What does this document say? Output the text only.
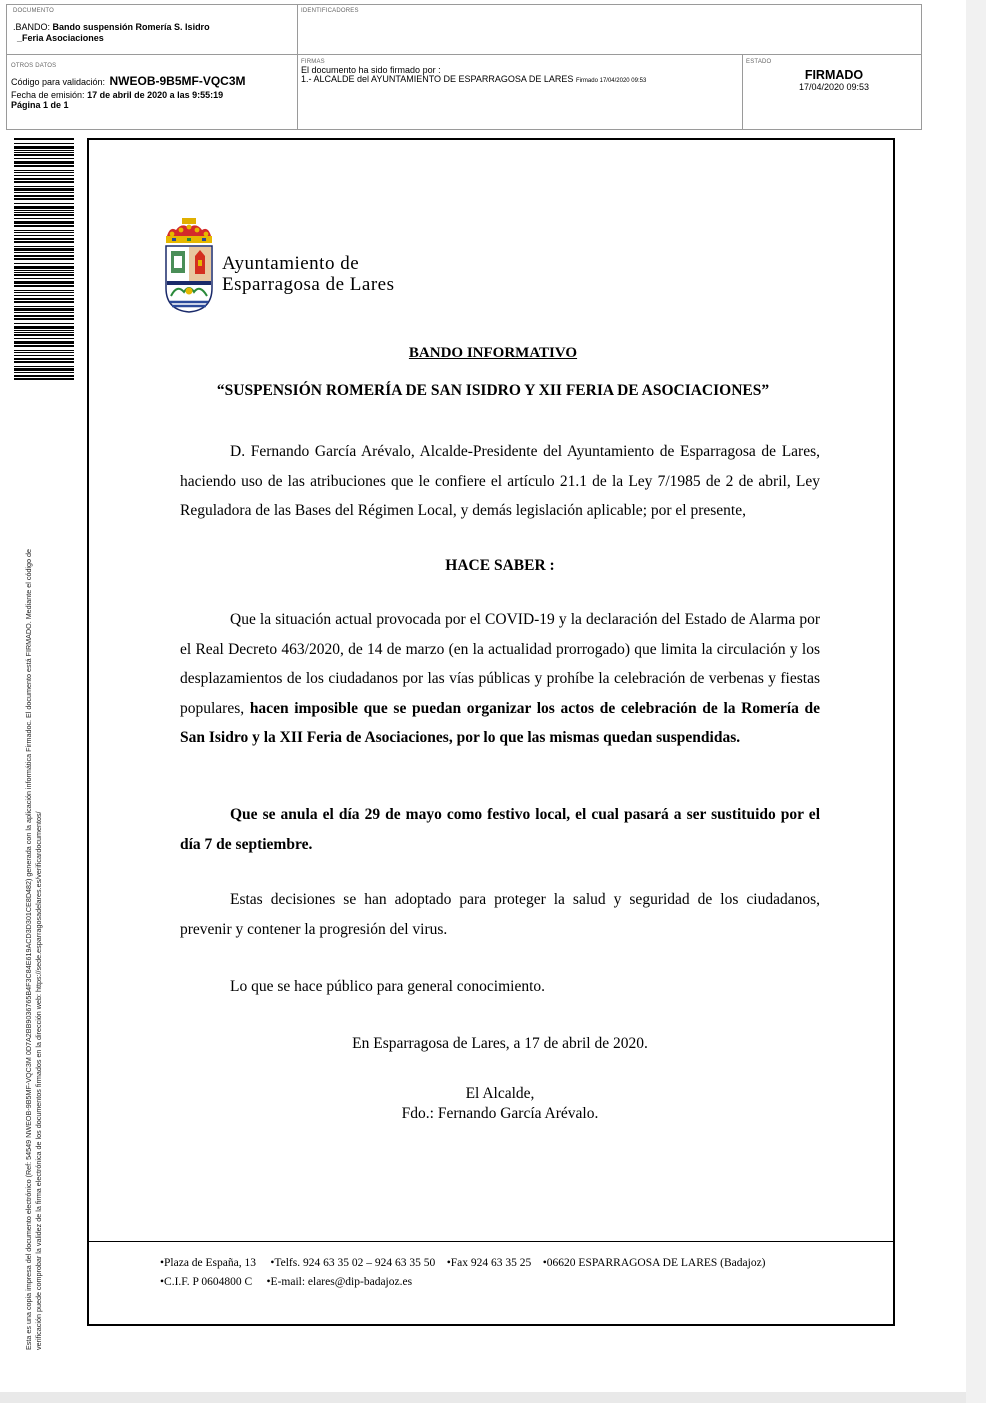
DOCUMENTO
.BANDO: Bando suspensión Romería S. Isidro
_Feria Asociaciones
IDENTIFICADORES
OTROS DATOS
Código para validación: NWEOB-9B5MF-VQC3M
Fecha de emisión: 17 de abril de 2020 a las 9:55:19
Página 1 de 1
FIRMAS
El documento ha sido firmado por :
1.- ALCALDE del AYUNTAMIENTO DE ESPARRAGOSA DE LARES Firmado 17/04/2020 09:53
ESTADO
FIRMADO
17/04/2020 09:53
Esta es una copia impresa del documento electrónico (Ref: 54549 NWEOB-9B5MF-VQC3M 0D7A2BB9036765B4F3C84E619ACD3D301CE8D482) generada con la aplicación informática Firmadoc. El documento está FIRMADO. Mediante el código de verificación puede comprobar la validez de la firma electrónica de los documentos firmados en la dirección web: https://sede.esparragosadelares.es/verificardocumentos/
Ayuntamiento de
Esparragosa de Lares
BANDO INFORMATIVO
“SUSPENSIÓN ROMERÍA DE SAN ISIDRO Y XII FERIA DE ASOCIACIONES”
D. Fernando García Arévalo, Alcalde-Presidente del Ayuntamiento de Esparragosa de Lares, haciendo uso de las atribuciones que le confiere el artículo 21.1 de la Ley 7/1985 de 2 de abril, Ley Reguladora de las Bases del Régimen Local, y demás legislación aplicable; por el presente,
HACE SABER :
Que la situación actual provocada por el COVID-19 y la declaración del Estado de Alarma por el Real Decreto 463/2020, de 14 de marzo (en la actualidad prorrogado) que limita la circulación y los desplazamientos de los ciudadanos por las vías públicas y prohíbe la celebración de verbenas y fiestas populares, hacen imposible que se puedan organizar los actos de celebración de la Romería de San Isidro y la XII Feria de Asociaciones, por lo que las mismas quedan suspendidas.
Que se anula el día 29 de mayo como festivo local, el cual pasará a ser sustituido por el día 7 de septiembre.
Estas decisiones se han adoptado para proteger la salud y seguridad de los ciudadanos, prevenir y contener la progresión del virus.
Lo que se hace público para general conocimiento.
En Esparragosa de Lares, a 17 de abril de 2020.
El Alcalde,
Fdo.: Fernando García Arévalo.
•Plaza de España, 13 •Telfs. 924 63 35 02 – 924 63 35 50 •Fax 924 63 35 25 •06620 ESPARRAGOSA DE LARES (Badajoz)
•C.I.F. P 0604800 C •E-mail: elares@dip-badajoz.es
